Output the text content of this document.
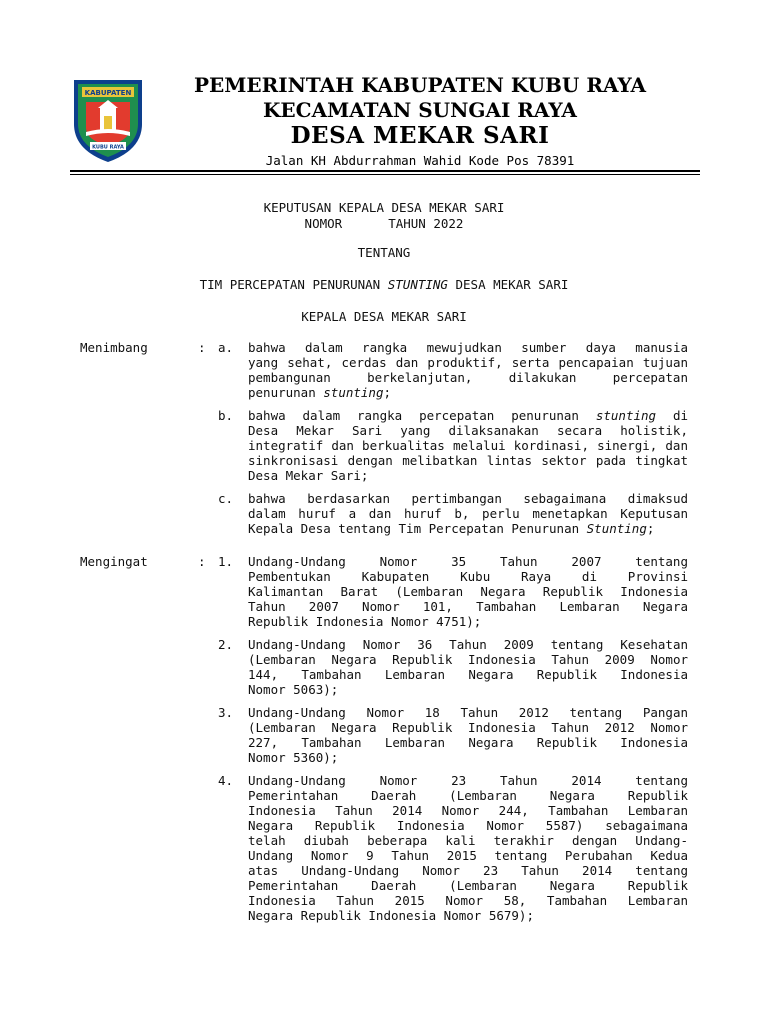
KABUPATEN
KUBU RAYA
PEMERINTAH KABUPATEN KUBU RAYA
KECAMATAN SUNGAI RAYA
DESA MEKAR SARI
Jalan KH Abdurrahman Wahid Kode Pos 78391
KEPUTUSAN KEPALA DESA MEKAR SARI
NOMOR	TAHUN 2022
TENTANG
TIM PERCEPATAN PENURUNAN STUNTING DESA MEKAR SARI
KEPALA DESA MEKAR SARI
Menimbang	: a. bahwa dalam rangka mewujudkan sumber daya manusia
yang sehat, cerdas dan produktif, serta pencapaian tujuan
pembangunan berkelanjutan, dilakukan percepatan
penurunan stunting;
b. bahwa dalam rangka percepatan penurunan stunting di
Desa Mekar Sari yang dilaksanakan secara holistik,
integratif dan berkualitas melalui kordinasi, sinergi, dan
sinkronisasi dengan melibatkan lintas sektor pada tingkat
Desa Mekar Sari;
c. bahwa berdasarkan pertimbangan sebagaimana dimaksud
dalam huruf a dan huruf b, perlu menetapkan Keputusan
Kepala Desa tentang Tim Percepatan Penurunan Stunting;
Mengingat	: 1. Undang-Undang Nomor 35 Tahun 2007 tentang
Pembentukan Kabupaten Kubu Raya di Provinsi
Kalimantan Barat (Lembaran Negara Republik Indonesia
Tahun 2007 Nomor 101, Tambahan Lembaran Negara
Republik Indonesia Nomor 4751);
2. Undang-Undang Nomor 36 Tahun 2009 tentang Kesehatan
(Lembaran Negara Republik Indonesia Tahun 2009 Nomor
144, Tambahan Lembaran Negara Republik Indonesia
Nomor 5063);
3. Undang-Undang Nomor 18 Tahun 2012 tentang Pangan
(Lembaran Negara Republik Indonesia Tahun 2012 Nomor
227, Tambahan Lembaran Negara Republik Indonesia
Nomor 5360);
4. Undang-Undang Nomor 23 Tahun 2014 tentang
Pemerintahan Daerah (Lembaran Negara Republik
Indonesia Tahun 2014 Nomor 244, Tambahan Lembaran
Negara Republik Indonesia Nomor 5587) sebagaimana
telah diubah beberapa kali terakhir dengan Undang-
Undang Nomor 9 Tahun 2015 tentang Perubahan Kedua
atas Undang-Undang Nomor 23 Tahun 2014 tentang
Pemerintahan Daerah (Lembaran Negara Republik
Indonesia Tahun 2015 Nomor 58, Tambahan Lembaran
Negara Republik Indonesia Nomor 5679);
